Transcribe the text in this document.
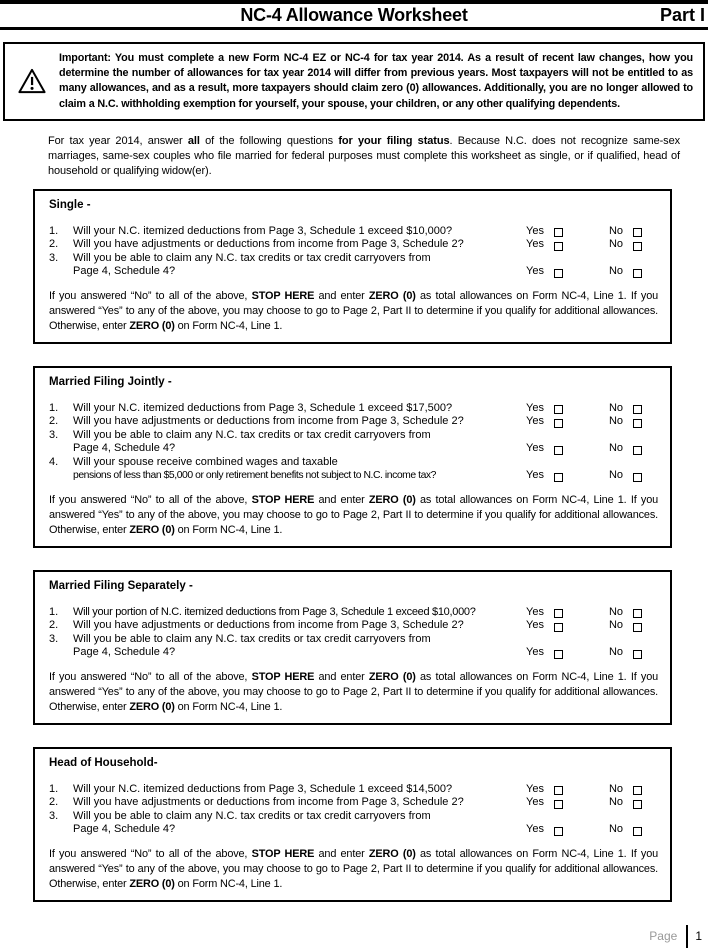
NC-4 Allowance Worksheet	Part I
Important: You must complete a new Form NC-4 EZ or NC-4 for tax year 2014. As a result of recent law changes, how you determine the number of allowances for tax year 2014 will differ from previous years. Most taxpayers will not be entitled to as many allowances, and as a result, more taxpayers should claim zero (0) allowances. Additionally, you are no longer allowed to claim a N.C. withholding exemption for yourself, your spouse, your children, or any other qualifying dependents.

For tax year 2014, answer all of the following questions for your filing status. Because N.C. does not recognize same-sex marriages, same-sex couples who file married for federal purposes must complete this worksheet as single, or if qualified, head of household or qualifying widow(er).

Single -
1.	Will your N.C. itemized deductions from Page 3, Schedule 1 exceed $10,000?	Yes	No
2.	Will you have adjustments or deductions from income from Page 3, Schedule 2?	Yes	No
3.	Will you be able to claim any N.C. tax credits or tax credit carryovers from
Page 4, Schedule 4?	Yes	No

If you answered “No” to all of the above, STOP HERE and enter ZERO (0) as total allowances on Form NC-4, Line 1. If you answered “Yes” to any of the above, you may choose to go to Page 2, Part II to determine if you qualify for additional allowances. Otherwise, enter ZERO (0) on Form NC-4, Line 1.

Married Filing Jointly -
1.	Will your N.C. itemized deductions from Page 3, Schedule 1 exceed $17,500?	Yes	No
2.	Will you have adjustments or deductions from income from Page 3, Schedule 2?	Yes	No
3.	Will you be able to claim any N.C. tax credits or tax credit carryovers from
Page 4, Schedule 4?	Yes	No
4.	Will your spouse receive combined wages and taxable
pensions of less than $5,000 or only retirement benefits not subject to N.C. income tax?	Yes	No

If you answered “No” to all of the above, STOP HERE and enter ZERO (0) as total allowances on Form NC-4, Line 1. If you answered “Yes” to any of the above, you may choose to go to Page 2, Part II to determine if you qualify for additional allowances. Otherwise, enter ZERO (0) on Form NC-4, Line 1.

Married Filing Separately -
1.	Will your portion of N.C. itemized deductions from Page 3, Schedule 1 exceed $10,000?	Yes	No
2.	Will you have adjustments or deductions from income from Page 3, Schedule 2?	Yes	No
3.	Will you be able to claim any N.C. tax credits or tax credit carryovers from
Page 4, Schedule 4?	Yes	No

If you answered “No” to all of the above, STOP HERE and enter ZERO (0) as total allowances on Form NC-4, Line 1. If you answered “Yes” to any of the above, you may choose to go to Page 2, Part II to determine if you qualify for additional allowances. Otherwise, enter ZERO (0) on Form NC-4, Line 1.

Head of Household-
1.	Will your N.C. itemized deductions from Page 3, Schedule 1 exceed $14,500?	Yes	No
2.	Will you have adjustments or deductions from income from Page 3, Schedule 2?	Yes	No
3.	Will you be able to claim any N.C. tax credits or tax credit carryovers from
Page 4, Schedule 4?	Yes	No

If you answered “No” to all of the above, STOP HERE and enter ZERO (0) as total allowances on Form NC-4, Line 1. If you answered “Yes” to any of the above, you may choose to go to Page 2, Part II to determine if you qualify for additional allowances. Otherwise, enter ZERO (0) on Form NC-4, Line 1.

Page 1
